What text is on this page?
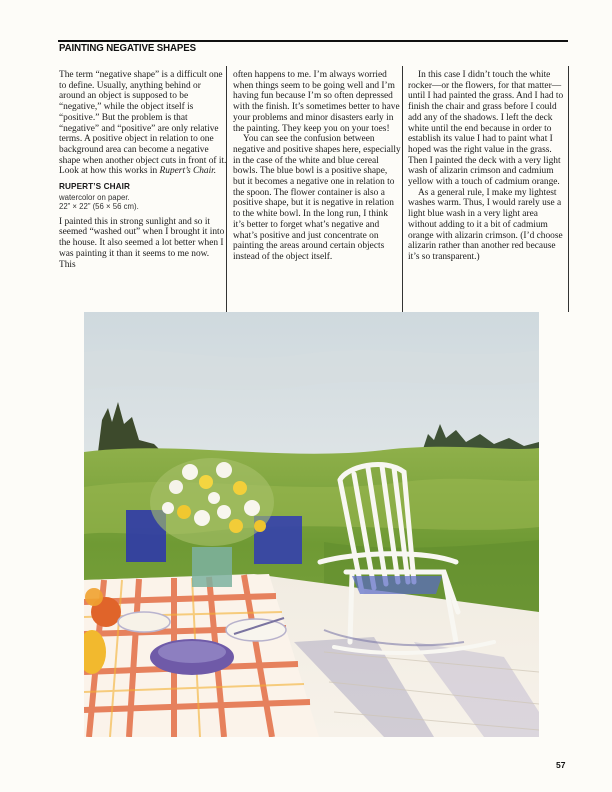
PAINTING NEGATIVE SHAPES

The term “negative shape” is a difficult one to define. Usually, anything behind or around an object is supposed to be “negative,” while the object itself is “positive.” But the problem is that “negative” and “positive” are only relative terms. A positive object in relation to one background area can become a negative shape when another object cuts in front of it. Look at how this works in Rupert’s Chair.

RUPERT’S CHAIR
watercolor on paper.
22” × 22” (56 × 56 cm).

I painted this in strong sunlight and so it seemed “washed out” when I brought it into the house. It also seemed a lot better when I was painting it than it seems to me now. This

often happens to me. I’m always worried when things seem to be going well and I’m having fun because I’m so often depressed with the finish. It’s sometimes better to have your problems and minor disasters early in the painting. They keep you on your toes!

You can see the confusion between negative and positive shapes here, especially in the case of the white and blue cereal bowls. The blue bowl is a positive shape, but it becomes a negative one in relation to the spoon. The flower container is also a positive shape, but it is negative in relation to the white bowl. In the long run, I think it’s better to forget what’s negative and what’s positive and just concentrate on painting the areas around certain objects instead of the object itself.

In this case I didn’t touch the white rocker—or the flowers, for that matter—until I had painted the grass. And I had to finish the chair and grass before I could add any of the shadows. I left the deck white until the end because in order to establish its value I had to paint what I hoped was the right value in the grass. Then I painted the deck with a very light wash of alizarin crimson and cadmium yellow with a touch of cadmium orange.

As a general rule, I make my lightest washes warm. Thus, I would rarely use a light blue wash in a very light area without adding to it a bit of cadmium orange with alizarin crimson. (I’d choose alizarin rather than another red because it’s so transparent.)

57
